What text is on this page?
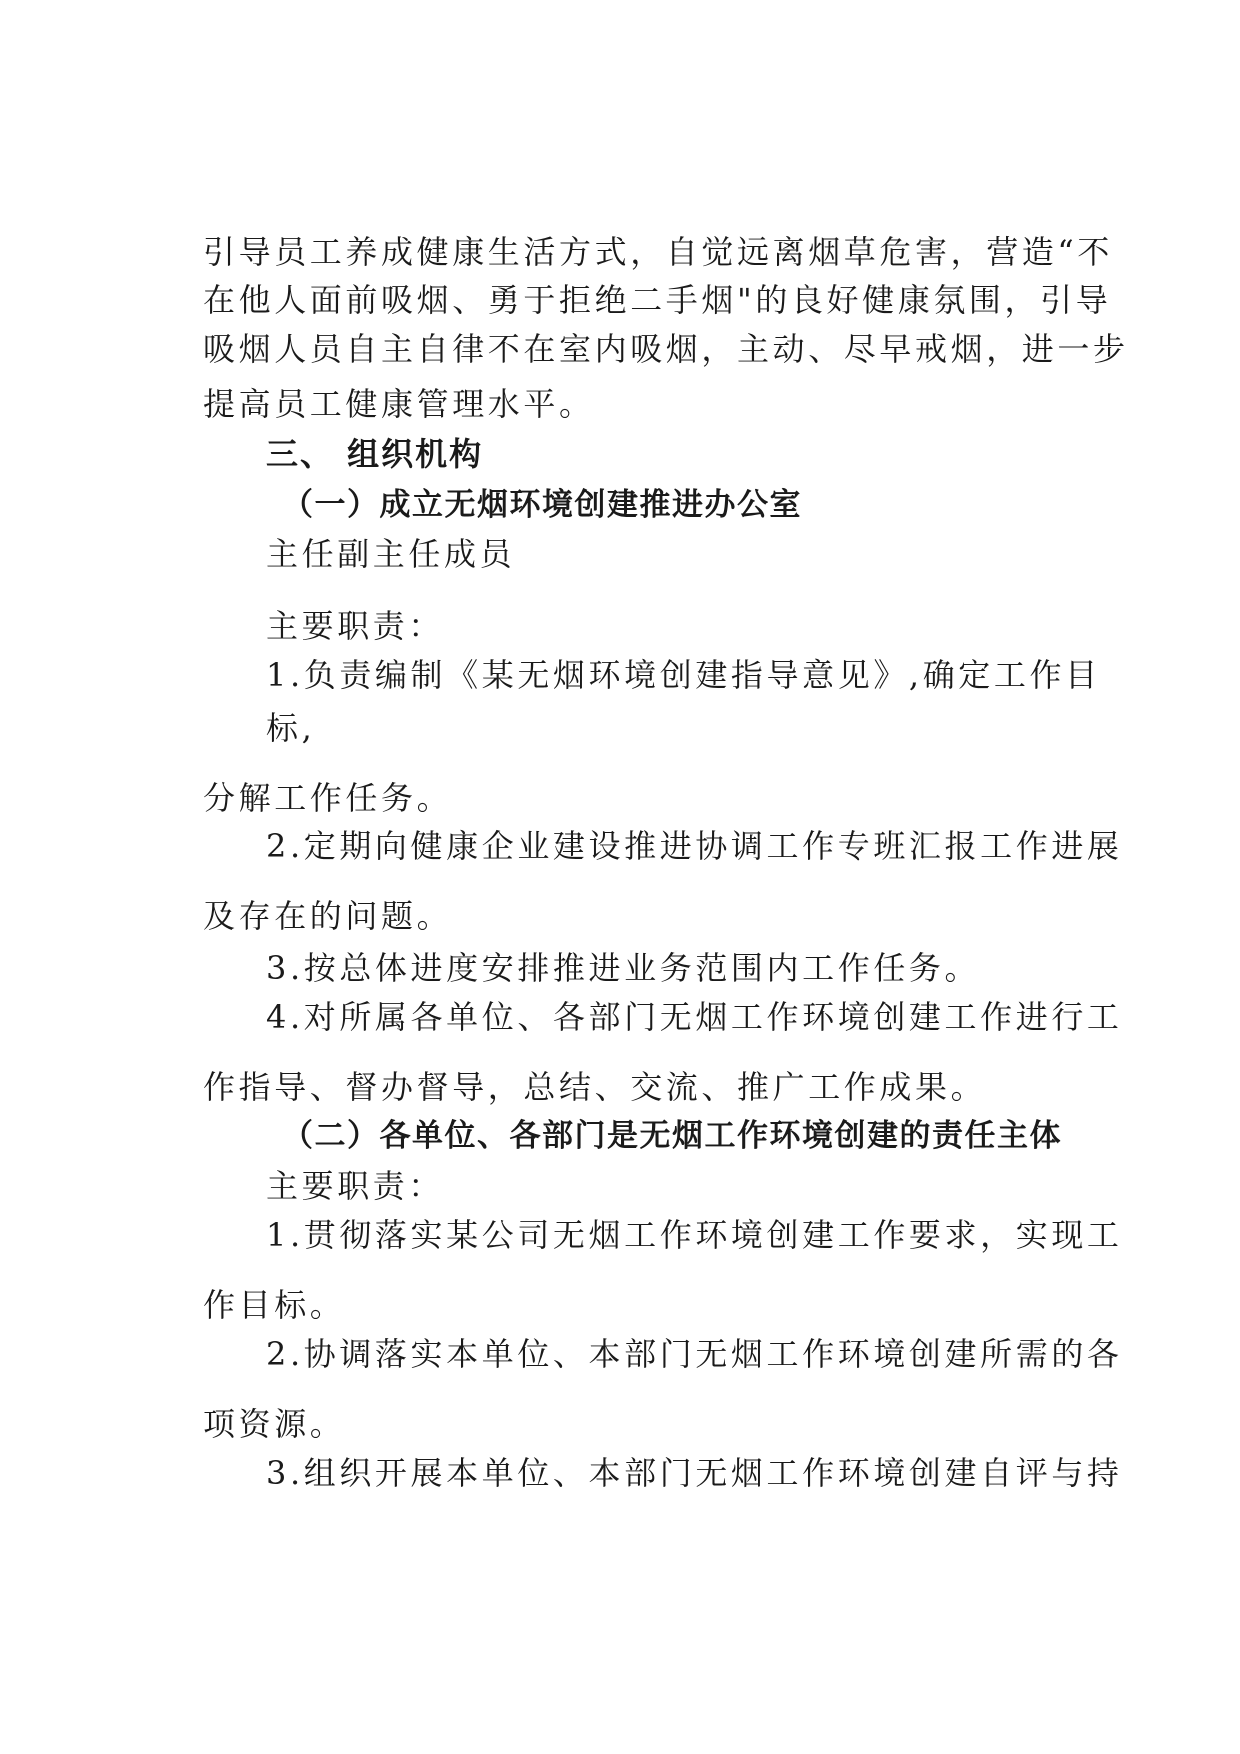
引导员工养成健康生活方式，自觉远离烟草危害，营造“不
在他人面前吸烟、勇于拒绝二手烟"的良好健康氛围，引导
吸烟人员自主自律不在室内吸烟，主动、尽早戒烟，进一步
提高员工健康管理水平。
三、 组织机构
（一）成立无烟环境创建推进办公室
主任副主任成员
主要职责：
1.负责编制《某无烟环境创建指导意见》,确定工作目
标,
分解工作任务。
2.定期向健康企业建设推进协调工作专班汇报工作进展
及存在的问题。
3.按总体进度安排推进业务范围内工作任务。
4.对所属各单位、各部门无烟工作环境创建工作进行工
作指导、督办督导，总结、交流、推广工作成果。
（二）各单位、各部门是无烟工作环境创建的责任主体
主要职责：
1.贯彻落实某公司无烟工作环境创建工作要求，实现工
作目标。
2.协调落实本单位、本部门无烟工作环境创建所需的各
项资源。
3.组织开展本单位、本部门无烟工作环境创建自评与持
